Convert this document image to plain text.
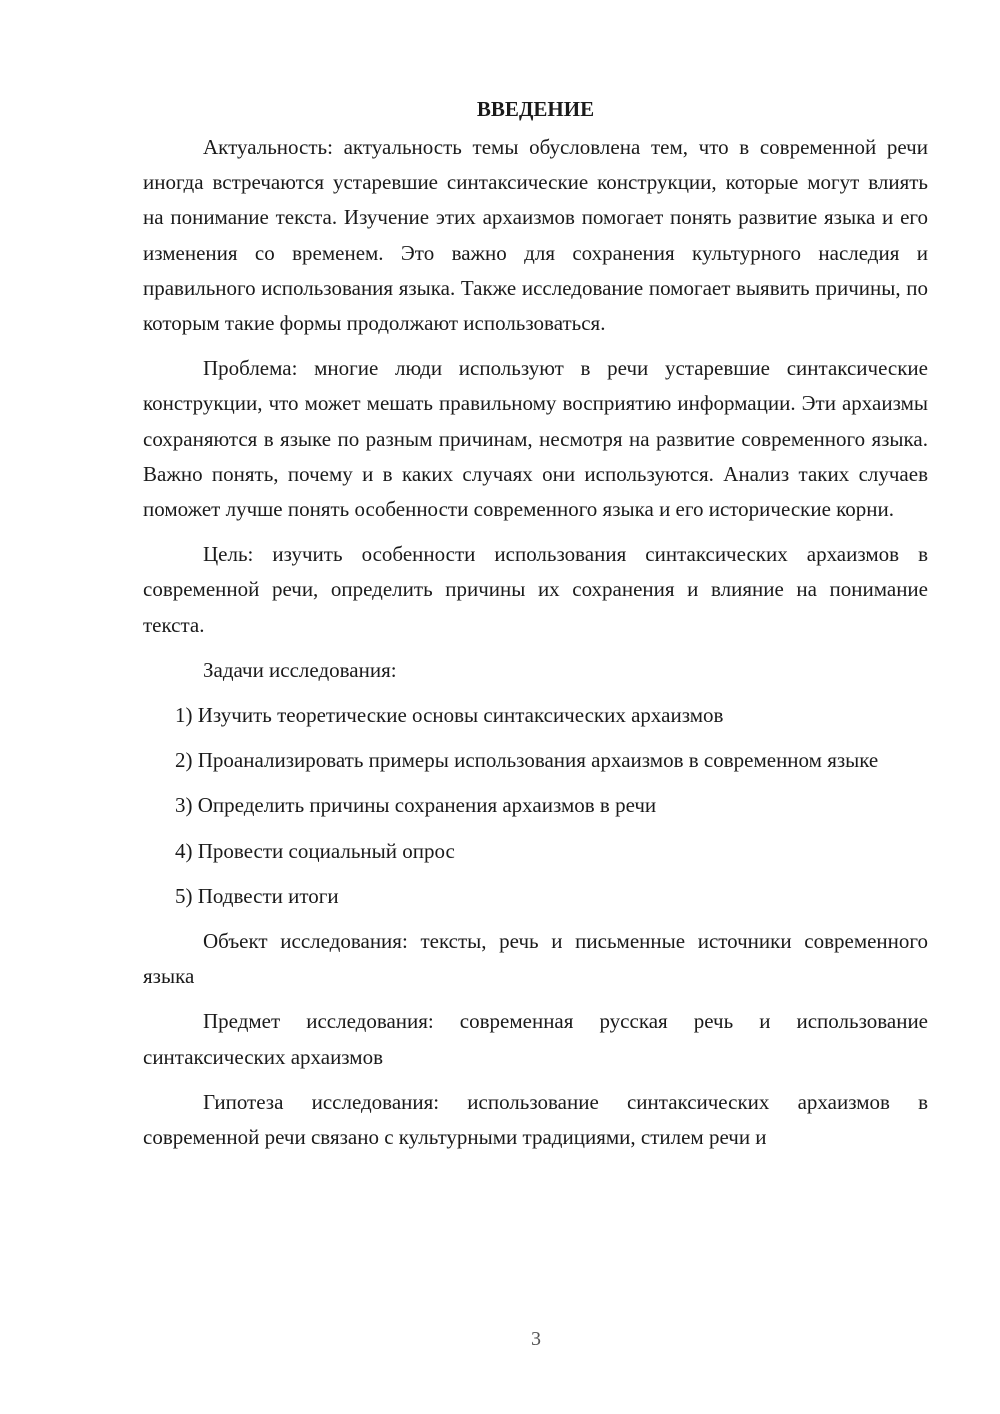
ВВЕДЕНИЕ

Актуальность: актуальность темы обусловлена тем, что в современной речи иногда встречаются устаревшие синтаксические конструкции, которые могут влиять на понимание текста. Изучение этих архаизмов помогает понять развитие языка и его изменения со временем. Это важно для сохранения культурного наследия и правильного использования языка. Также исследование помогает выявить причины, по которым такие формы продолжают использоваться.

Проблема: многие люди используют в речи устаревшие синтаксические конструкции, что может мешать правильному восприятию информации. Эти архаизмы сохраняются в языке по разным причинам, несмотря на развитие современного языка. Важно понять, почему и в каких случаях они используются. Анализ таких случаев поможет лучше понять особенности современного языка и его исторические корни.

Цель: изучить особенности использования синтаксических архаизмов в современной речи, определить причины их сохранения и влияние на понимание текста.

Задачи исследования:

1) Изучить теоретические основы синтаксических архаизмов

2) Проанализировать примеры использования архаизмов в современном языке

3) Определить причины сохранения архаизмов в речи

4) Провести социальный опрос

5) Подвести итоги

Объект исследования: тексты, речь и письменные источники современного языка

Предмет исследования: современная русская речь и использование синтаксических архаизмов

Гипотеза исследования: использование синтаксических архаизмов в современной речи связано с культурными традициями, стилем речи и

3
